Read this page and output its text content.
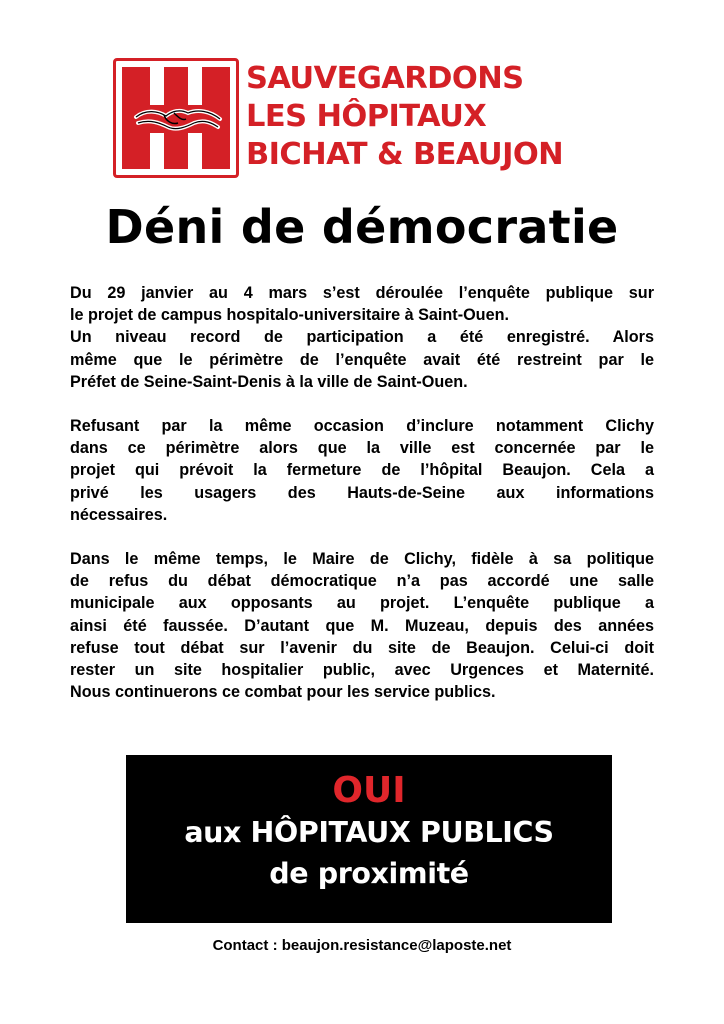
SAUVEGARDONS
LES HÔPITAUX
BICHAT & BEAUJON
Déni de démocratie

Du 29 janvier au 4 mars s’est déroulée l’enquête publique sur
le projet de campus hospitalo-universitaire à Saint-Ouen.
Un niveau record de participation a été enregistré. Alors
même que le périmètre de l’enquête avait été restreint par le
Préfet de Seine-Saint-Denis à la ville de Saint-Ouen.

Refusant par la même occasion d’inclure notamment Clichy
dans ce périmètre alors que la ville est concernée par le
projet qui prévoit la fermeture de l’hôpital Beaujon. Cela a
privé les usagers des Hauts-de-Seine aux informations
nécessaires.

Dans le même temps, le Maire de Clichy, fidèle à sa politique
de refus du débat démocratique n’a pas accordé une salle
municipale aux opposants au projet. L’enquête publique a
ainsi été faussée. D’autant que M. Muzeau, depuis des années
refuse tout débat sur l’avenir du site de Beaujon. Celui-ci doit
rester un site hospitalier public, avec Urgences et Maternité.
Nous continuerons ce combat pour les service publics.

OUI
aux HÔPITAUX PUBLICS
de proximité
Contact : beaujon.resistance@laposte.net
